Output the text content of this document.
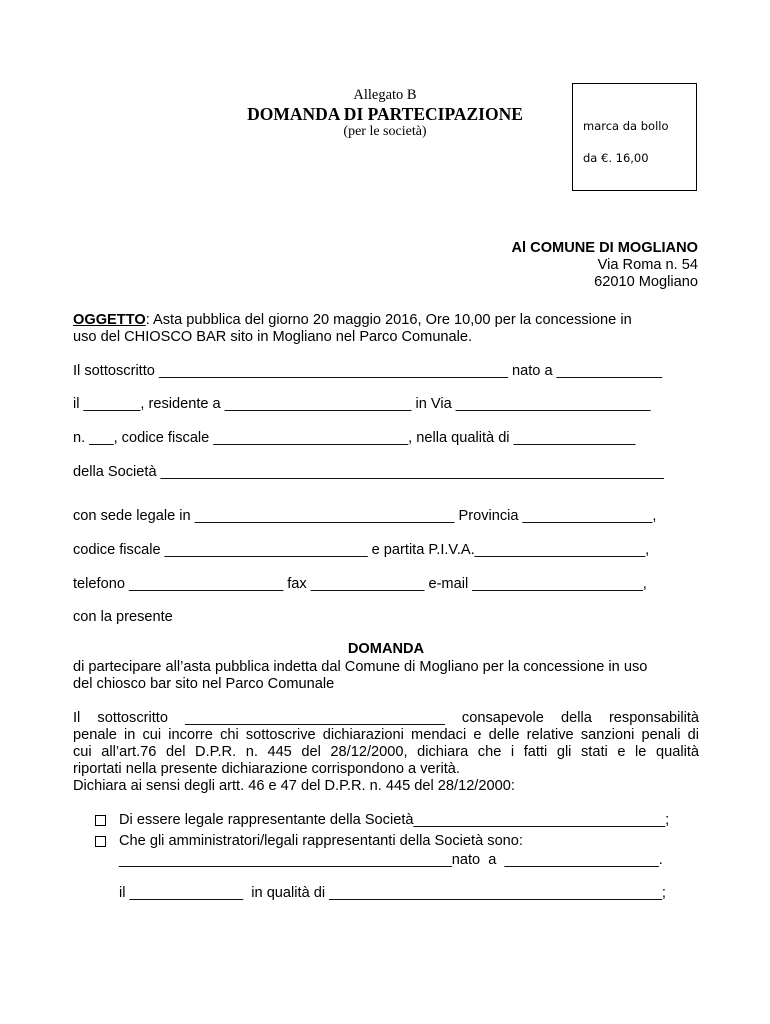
Allegato B
DOMANDA DI PARTECIPAZIONE
(per le società)	marca da bollo
da €. 16,00
Al COMUNE DI MOGLIANO
Via Roma n. 54
62010 Mogliano
OGGETTO: Asta pubblica del giorno 20 maggio 2016, Ore 10,00 per la concessione in
uso del CHIOSCO BAR sito in Mogliano nel Parco Comunale.
Il sottoscritto ___________________________________________ nato a _____________
il _______, residente a _______________________ in Via ________________________
n. ___, codice fiscale ________________________, nella qualità di _______________
della Società ______________________________________________________________
con sede legale in ________________________________ Provincia ________________,
codice fiscale _________________________ e partita P.I.V.A._____________________,
telefono ___________________ fax ______________ e-mail _____________________,
con la presente
DOMANDA
di partecipare all’asta pubblica indetta dal Comune di Mogliano per la concessione in uso
del chiosco bar sito nel Parco Comunale
Il sottoscritto ________________________________ consapevole della responsabilità
penale in cui incorre chi sottoscrive dichiarazioni mendaci e delle relative sanzioni penali di
cui all’art.76 del D.P.R. n. 445 del 28/12/2000, dichiara che i fatti gli stati e le qualità
riportati nella presente dichiarazione corrispondono a verità.
Dichiara ai sensi degli artt. 46 e 47 del D.P.R. n. 445 del 28/12/2000:
Di essere legale rappresentante della Società_______________________________;
Che gli amministratori/legali rappresentanti della Società sono:
_________________________________________nato  a  ___________________.
il ______________  in qualità di _________________________________________;
